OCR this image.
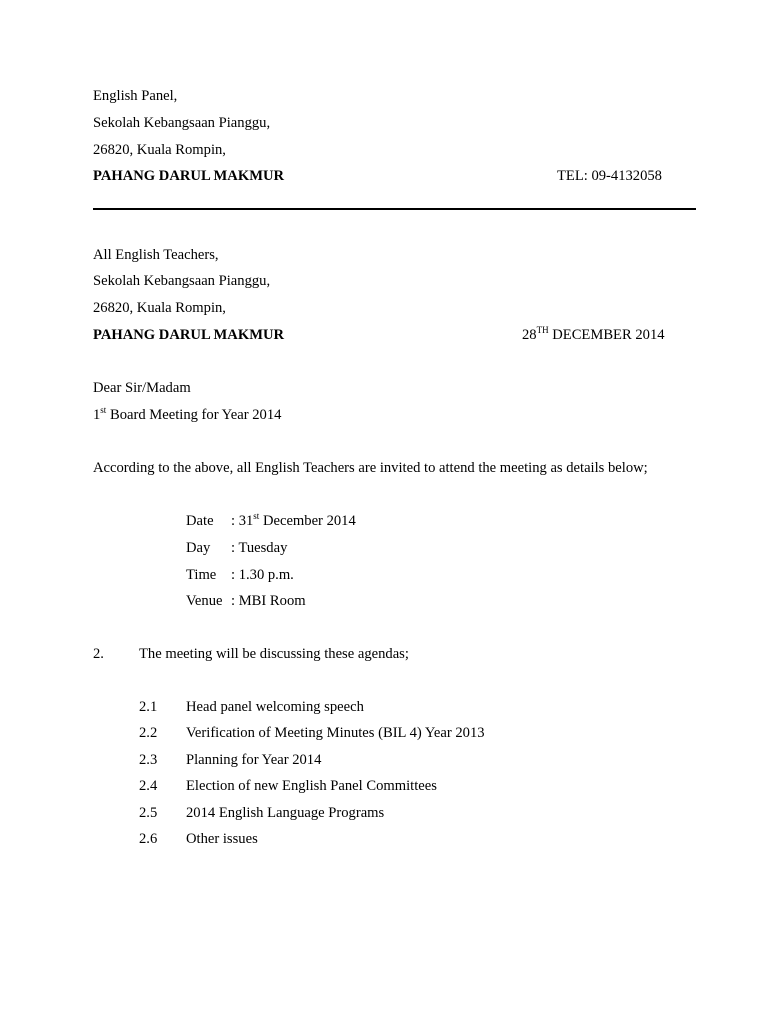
English Panel,
Sekolah Kebangsaan Pianggu,
26820, Kuala Rompin,
PAHANG DARUL MAKMUR	TEL: 09-4132058
All English Teachers,
Sekolah Kebangsaan Pianggu,
26820, Kuala Rompin,
PAHANG DARUL MAKMUR	28TH DECEMBER 2014
Dear Sir/Madam
1st Board Meeting for Year 2014
According to the above, all English Teachers are invited to attend the meeting as details below;
Date : 31st December 2014
Day : Tuesday
Time : 1.30 p.m.
Venue : MBI Room
2. The meeting will be discussing these agendas;
2.1 Head panel welcoming speech
2.2 Verification of Meeting Minutes (BIL 4) Year 2013
2.3 Planning for Year 2014
2.4 Election of new English Panel Committees
2.5 2014 English Language Programs
2.6 Other issues
